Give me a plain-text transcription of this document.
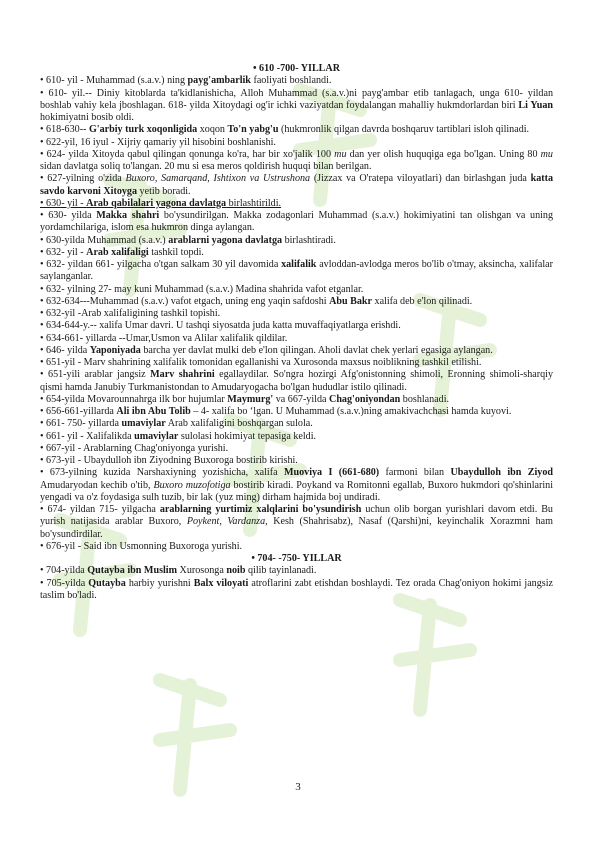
• 610 -700- YILLAR

• 610- yil - Muhammad (s.a.v.) ning payg'ambarlik faoliyati boshlandi.

• 610- yil.-- Diniy kitoblarda ta'kidlanishicha, Alloh Muhammad (s.a.v.)ni payg'ambar etib tanlagach, unga 610- yildan boshlab vahiy kela jboshlagan. 618- yilda Xitoydagi og'ir ichki vaziyatdan foydalangan mahalliy hukmdorlardan biri Li Yuan hokimiyatni bosib oldi.

• 618-630-- G'arbiy turk xoqonligida xoqon To'n yabg'u (hukmronlik qilgan davrda boshqaruv tartiblari isloh qilinadi.

• 622-yil, 16 iyul - Xijriy qamariy yil hisobini boshlanishi.

• 624- yilda Xitoyda qabul qilingan qonunga ko'ra, har bir xo'jalik 100 mu dan yer olish huquqiga ega bo'lgan. Uning 80 mu sidan davlatga soliq to'langan. 20 mu si esa meros qoldirish huquqi bilan berilgan.

• 627-yilning o'zida Buxoro, Samarqand, Ishtixon va Ustrushona (Jizzax va O'ratepa viloyatlari) dan birlashgan juda katta savdo karvoni Xitoyga yetib boradi.

• 630- yil - Arab qabilalari yagona davlatga birlashtirildi.

• 630- yilda Makka shahri bo'ysundirilgan. Makka zodagonlari Muhammad (s.a.v.) hokimiyatini tan olishgan va uning yordamchilariga, islom esa hukmron dinga aylangan.

• 630-yilda Muhammad (s.a.v.) arablarni yagona davlatga birlashtiradi.

• 632- yil - Arab xalifaligi tashkil topdi.

• 632- yildan 661- yilgacha o'tgan salkam 30 yil davomida xalifalik avloddan-avlodga meros bo'lib o'tmay, aksincha, xalifalar saylanganlar.

• 632- yilning 27- may kuni Muhammad (s.a.v.) Madina shahrida vafot etganlar.

• 632-634---Muhammad (s.a.v.) vafot etgach, uning eng yaqin safdoshi Abu Bakr xalifa deb e'lon qilinadi.

• 632-yil -Arab xalifaligining tashkil topishi.

• 634-644-y.-- xalifa Umar davri. U tashqi siyosatda juda katta muvaffaqiyatlarga erishdi.

• 634-661- yillarda --Umar,Usmon va Alilar xalifalik qildilar.

• 646- yilda Yaponiyada barcha yer davlat mulki deb e'lon qilingan. Aholi davlat chek yerlari egasiga aylangan.

• 651-yil - Marv shahrining xalifalik tomonidan egallanishi va Xurosonda maxsus noiblikning tashkil etilishi.

• 651-yili arablar jangsiz Marv shahrini egallaydilar. So'ngra hozirgi Afg'onistonning shimoli, Eronning shimoli-sharqiy qismi hamda Janubiy Turkmanistondan to Amudaryogacha bo'lgan hududlar istilo qilinadi.

• 654-yilda Movarounnahrga ilk bor hujumlar Maymurg' va 667-yilda Chag'oniyondan boshlanadi.

• 656-661-yillarda Ali ibn Abu Tolib – 4- xalifa bo ‘lgan. U Muhammad (s.a.v.)ning amakivachchasi hamda kuyovi.

• 661- 750- yillarda umaviylar Arab xalifaligini boshqargan sulola.

• 661- yil - Xalifalikda umaviylar sulolasi hokimiyat tepasiga keldi.

• 667-yil - Arablarning Chag'oniyonga yurishi.

• 673-yil - Ubaydulloh ibn Ziyodning Buxoroga bostirib kirishi.

• 673-yilning kuzida Narshaxiyning yozishicha, xalifa Muoviya I (661-680) farmoni bilan Ubaydulloh ibn Ziyod Amudaryodan kechib o'tib, Buxoro muzofotiga bostirib kiradi. Poykand va Romitonni egallab, Buxoro hukmdori qo'shinlarini yengadi va o'z foydasiga sulh tuzib, bir lak (yuz ming) dirham hajmida boj undiradi.

• 674- yildan 715- yilgacha arablarning yurtimiz xalqlarini bo'ysundirish uchun olib borgan yurishlari davom etdi. Bu yurish natijasida arablar Buxoro, Poykent, Vardanza, Kesh (Shahrisabz), Nasaf (Qarshi)ni, keyinchalik Xorazmni ham bo'ysundirdilar.

• 676-yil - Said ibn Usmonning Buxoroga yurishi.

• 704- -750- YILLAR

• 704-yilda Qutayba ibn Muslim Xurosonga noib qilib tayinlanadi.

• 705-yilda Qutayba harbiy yurishni Balx viloyati atroflarini zabt etishdan boshlaydi. Tez orada Chag'oniyon hokimi jangsiz taslim bo'ladi.

3
